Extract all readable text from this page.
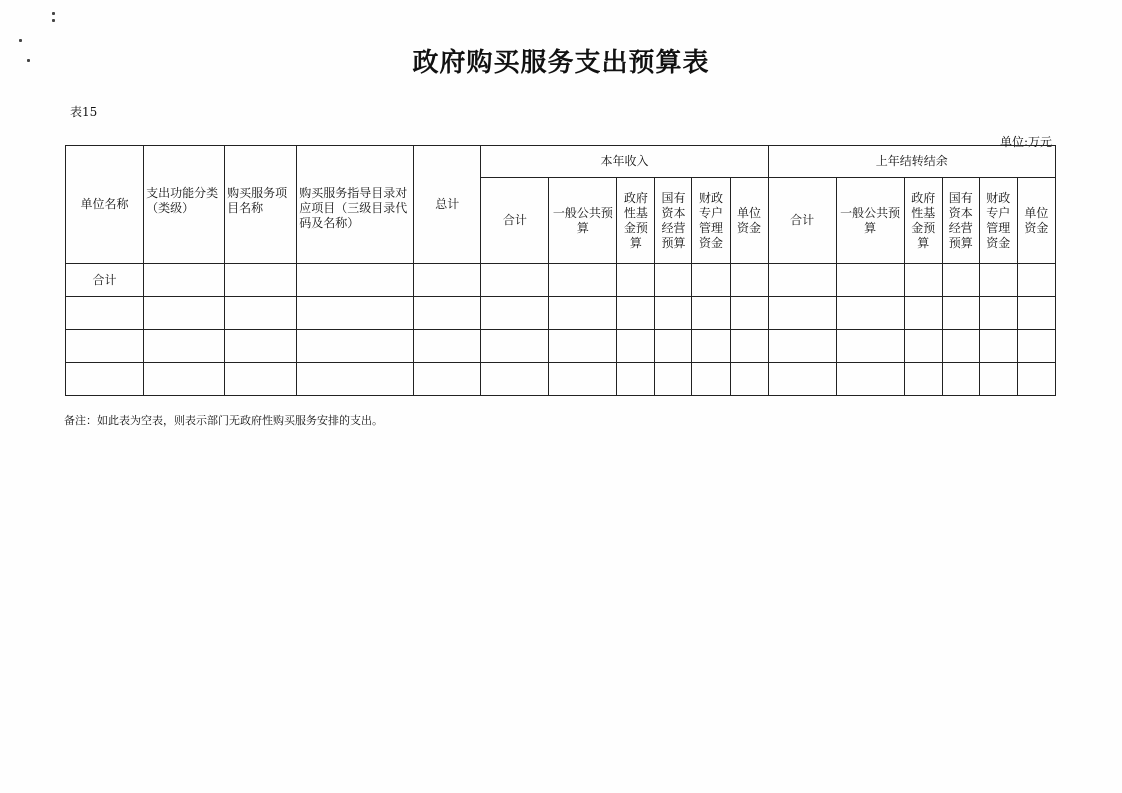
政府购买服务支出预算表
表15
单位:万元
单位名称	支出功能分类（类级）	购买服务项目名称	购买服务指导目录对应项目（三级目录代码及名称）	总计	本年收入						上年结转结余					
					合计	一般公共预算	政府性基金预算	国有资本经营预算	财政专户管理资金	单位资金	合计	一般公共预算	政府性基金预算	国有资本经营预算	财政专户管理资金	单位资金
合计																

备注：如此表为空表，则表示部门无政府性购买服务安排的支出。
